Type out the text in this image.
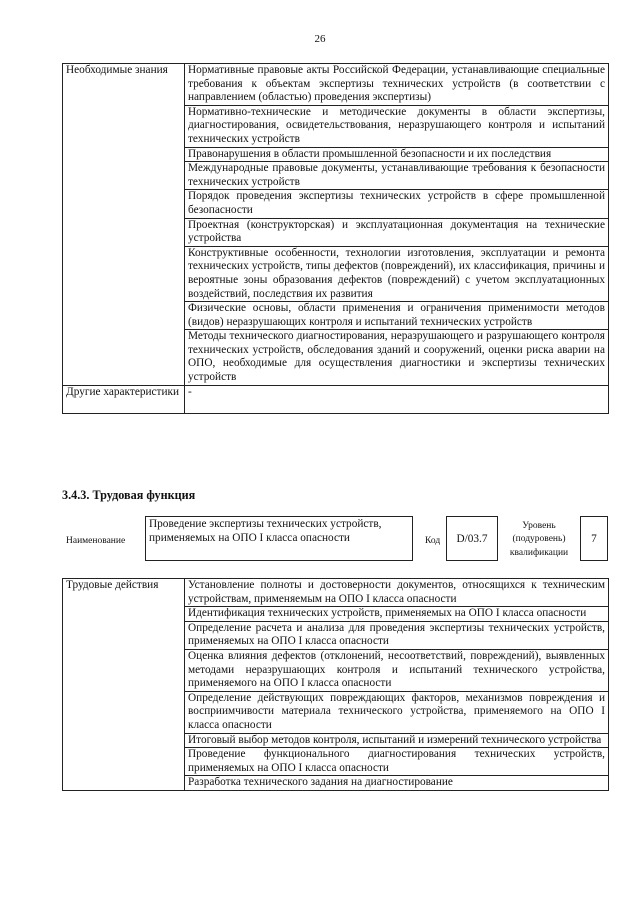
26
Необходимые знания	Нормативные правовые акты Российской Федерации, устанавливающие специальные требования к объектам экспертизы технических устройств (в соответствии с направлением (областью) проведения экспертизы)
	Нормативно-технические и методические документы в области экспертизы, диагностирования, освидетельствования, неразрушающего контроля и испытаний технических устройств
	Правонарушения в области промышленной безопасности и их последствия
	Международные правовые документы, устанавливающие требования к безопасности технических устройств
	Порядок проведения экспертизы технических устройств в сфере промышленной безопасности
	Проектная (конструкторская) и эксплуатационная документация на технические устройства
	Конструктивные особенности, технологии изготовления, эксплуатации и ремонта технических устройств, типы дефектов (повреждений), их классификация, причины и вероятные зоны образования дефектов (повреждений) с учетом эксплуатационных воздействий, последствия их развития
	Физические основы, области применения и ограничения применимости методов (видов) неразрушающих контроля и испытаний технических устройств
	Методы технического диагностирования, неразрушающего и разрушающего контроля технических устройств, обследования зданий и сооружений, оценки риска аварии на ОПО, необходимые для осуществления диагностики и экспертизы технических устройств
Другие характеристики	-
3.4.3. Трудовая функция
Наименование
Проведение экспертизы технических устройств, применяемых на ОПО I класса опасности	Код	D/03.7
Уровень (подуровень) квалификации
7
Трудовые действия	Установление полноты и достоверности документов, относящихся к техническим устройствам, применяемым на ОПО I класса опасности
Идентификация технических устройств, применяемых на ОПО I класса опасности
Определение расчета и анализа для проведения экспертизы технических устройств, применяемых на ОПО I класса опасности
Оценка влияния дефектов (отклонений, несоответствий, повреждений), выявленных методами неразрушающих контроля и испытаний технического устройства, применяемого на ОПО I класса опасности
Определение действующих повреждающих факторов, механизмов повреждения и восприимчивости материала технического устройства, применяемого на ОПО I класса опасности
Итоговый выбор методов контроля, испытаний и измерений технического устройства
Проведение функционального диагностирования технических устройств, применяемых на ОПО I класса опасности
Разработка технического задания на диагностирование
